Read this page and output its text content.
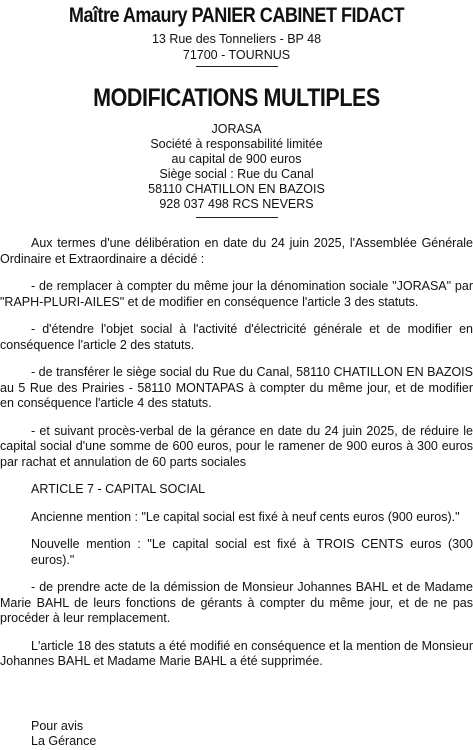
Maître Amaury PANIER CABINET FIDACT
13 Rue des Tonneliers - BP 48
71700 - TOURNUS
MODIFICATIONS MULTIPLES
JORASA
Société à responsabilité limitée
au capital de 900 euros
Siège social : Rue du Canal
58110 CHATILLON EN BAZOIS
928 037 498 RCS NEVERS

Aux termes d'une délibération en date du 24 juin 2025, l'Assemblée Générale Ordinaire et Extraordinaire a décidé :

- de remplacer à compter du même jour la dénomination sociale "JORASA" par "RAPH-PLURI-AILES" et de modifier en conséquence l'article 3 des statuts.

- d'étendre l'objet social à l'activité d'électricité générale et de modifier en conséquence l'article 2 des statuts.

- de transférer le siège social du Rue du Canal, 58110 CHATILLON EN BAZOIS au 5 Rue des Prairies - 58110 MONTAPAS à compter du même jour, et de modifier en conséquence l'article 4 des statuts.

- et suivant procès-verbal de la gérance en date du 24 juin 2025, de réduire le capital social d'une somme de 600 euros, pour le ramener de 900 euros à 300 euros par rachat et annulation de 60 parts sociales

ARTICLE 7 - CAPITAL SOCIAL

Ancienne mention : "Le capital social est fixé à neuf cents euros (900 euros)."

Nouvelle mention : "Le capital social est fixé à TROIS CENTS euros (300 euros)."

- de prendre acte de la démission de Monsieur Johannes BAHL et de Madame Marie BAHL de leurs fonctions de gérants à compter du même jour, et de ne pas procéder à leur remplacement.

L'article 18 des statuts a été modifié en conséquence et la mention de Monsieur Johannes BAHL et Madame Marie BAHL a été supprimée.

Pour avis
La Gérance
